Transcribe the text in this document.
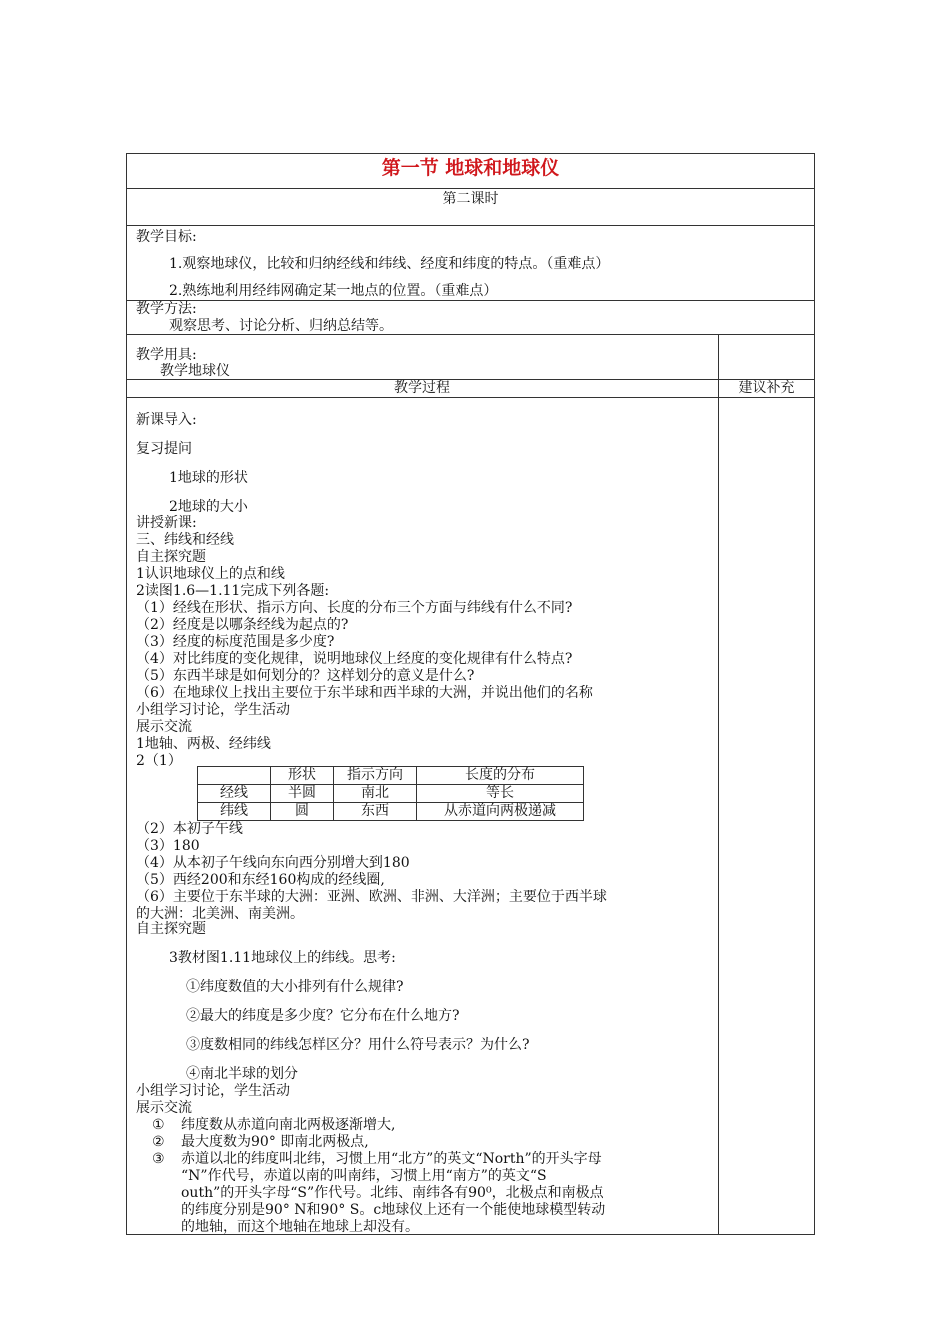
第一节 地球和地球仪
第二课时
教学目标:
1.观察地球仪，比较和归纳经线和纬线、经度和纬度的特点。（重难点）
2.熟练地利用经纬网确定某一地点的位置。（重难点）
教学方法:
观察思考、讨论分析、归纳总结等。
教学用具:
教学地球仪
教学过程	建议补充
新课导入:
复习提问
1地球的形状
2地球的大小
讲授新课:
三、纬线和经线
自主探究题
1认识地球仪上的点和线
2读图1.6—1.11完成下列各题:
（1）经线在形状、指示方向、长度的分布三个方面与纬线有什么不同?
（2）经度是以哪条经线为起点的?
（3）经度的标度范围是多少度?
（4）对比纬度的变化规律，说明地球仪上经度的变化规律有什么特点?
（5）东西半球是如何划分的？这样划分的意义是什么?
（6）在地球仪上找出主要位于东半球和西半球的大洲，并说出他们的名称
小组学习讨论，学生活动
展示交流
1地轴、两极、经纬线
2（1）
	形状	指示方向	长度的分布
经线	半圆	南北	等长
纬线	圆	东西	从赤道向两极递减
（2）本初子午线
（3）180
（4）从本初子午线向东向西分别增大到180
（5）西经200和东经160构成的经线圈,
（6）主要位于东半球的大洲：亚洲、欧洲、非洲、大洋洲；主要位于西半球
的大洲：北美洲、南美洲。
自主探究题
3教材图1.11地球仪上的纬线。思考:
①纬度数值的大小排列有什么规律?
②最大的纬度是多少度？它分布在什么地方?
③度数相同的纬线怎样区分？用什么符号表示？为什么?
④南北半球的划分
小组学习讨论，学生活动
展示交流
① 纬度数从赤道向南北两极逐渐增大,
② 最大度数为90° 即南北两极点,
③ 赤道以北的纬度叫北纬，习惯上用“北方”的英文“North”的开头字母
“N”作代号，赤道以南的叫南纬，习惯上用“南方”的英文“S
outh”的开头字母“S”作代号。北纬、南纬各有90⁰，北极点和南极点
的纬度分别是90° N和90° S。c地球仪上还有一个能使地球模型转动
的地轴，而这个地轴在地球上却没有。
